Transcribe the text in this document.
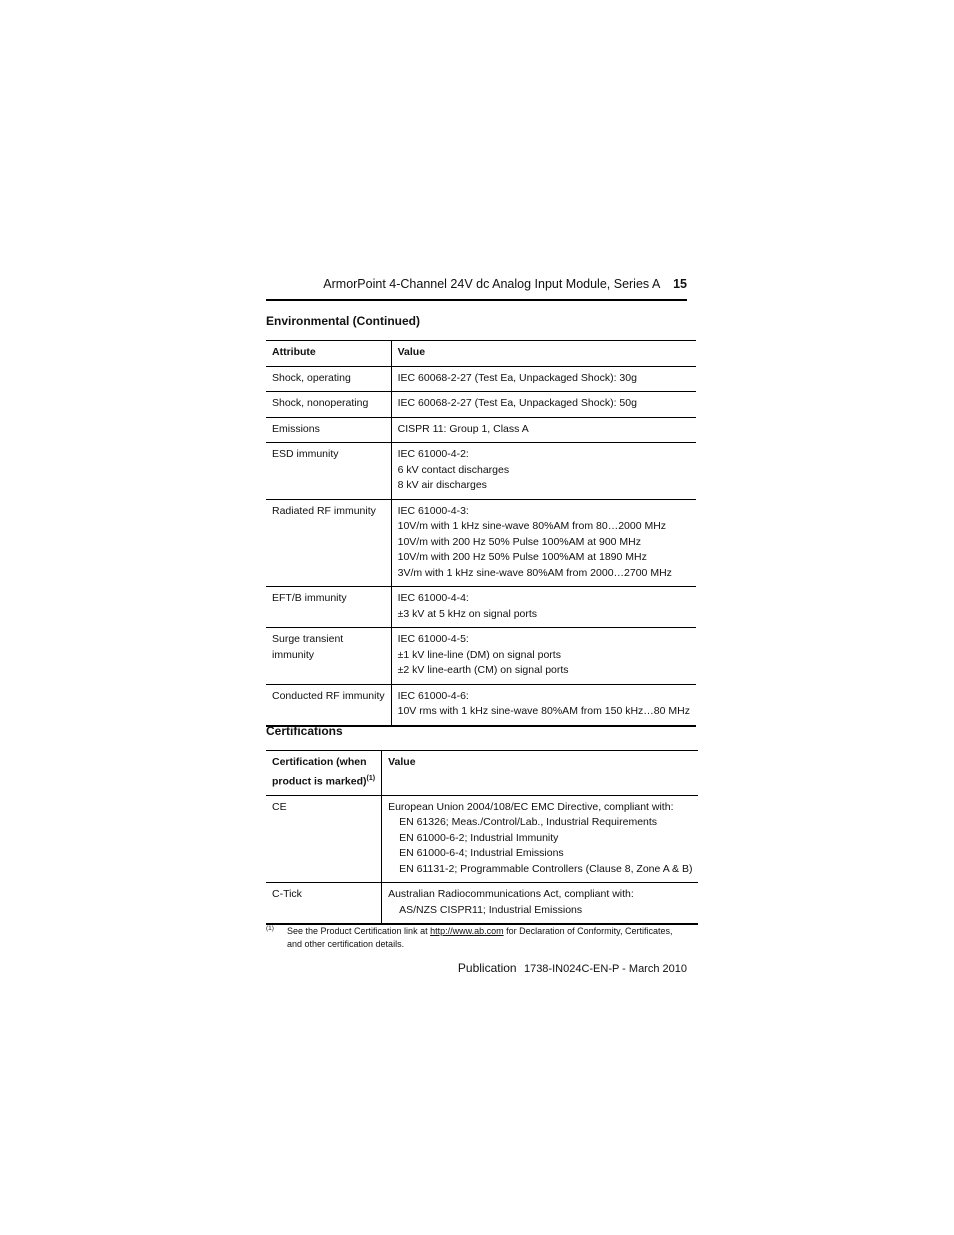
ArmorPoint 4-Channel 24V dc Analog Input Module, Series A 15
Environmental (Continued)
Attribute	Value

Shock, operating	IEC 60068-2-27 (Test Ea, Unpackaged Shock): 30g

Shock, nonoperating	IEC 60068-2-27 (Test Ea, Unpackaged Shock): 50g

Emissions	CISPR 11: Group 1, Class A

ESD immunity	IEC 61000-4-2:
6 kV contact discharges
8 kV air discharges

Radiated RF immunity	IEC 61000-4-3:
10V/m with 1 kHz sine-wave 80%AM from 80…2000 MHz
10V/m with 200 Hz 50% Pulse 100%AM at 900 MHz
10V/m with 200 Hz 50% Pulse 100%AM at 1890 MHz
3V/m with 1 kHz sine-wave 80%AM from 2000…2700 MHz

EFT/B immunity	IEC 61000-4-4:
±3 kV at 5 kHz on signal ports

Surge transient
immunity	IEC 61000-4-5:
±1 kV line-line (DM) on signal ports
±2 kV line-earth (CM) on signal ports

Conducted RF immunity	IEC 61000-4-6:
10V rms with 1 kHz sine-wave 80%AM from 150 kHz…80 MHz
Certifications
Certification (when
product is marked)$^{(1)}$	Value

CE	European Union 2004/108/EC EMC Directive, compliant with:
EN 61326; Meas./Control/Lab., Industrial Requirements
EN 61000-6-2; Industrial Immunity
EN 61000-6-4; Industrial Emissions
EN 61131-2; Programmable Controllers (Clause 8, Zone A & B)

C-Tick	Australian Radiocommunications Act, compliant with:
AS/NZS CISPR11; Industrial Emissions
(1)	See the Product Certification link at http://www.ab.com for Declaration of Conformity, Certificates, and other certification details.
Publication 1738-IN024C-EN-P - March 2010
